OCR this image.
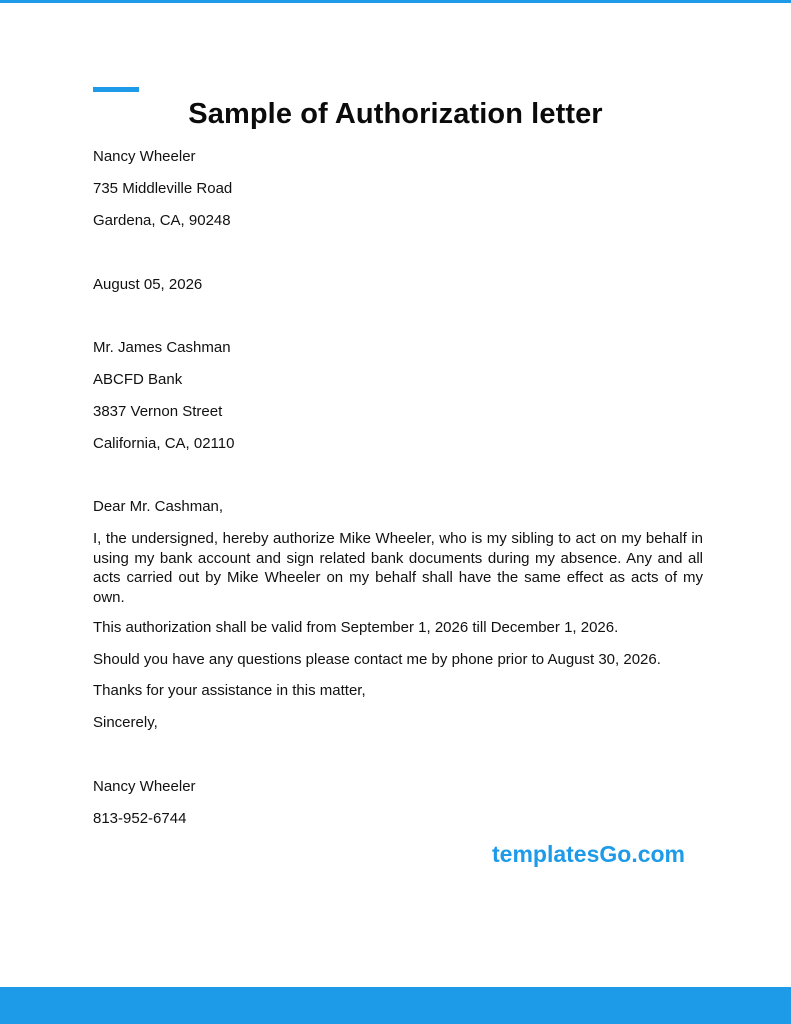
Sample of Authorization letter
Nancy Wheeler
735 Middleville Road
Gardena, CA, 90248
August 05, 2026
Mr. James Cashman
ABCFD Bank
3837 Vernon Street
California, CA, 02110
Dear Mr. Cashman,
I, the undersigned, hereby authorize Mike Wheeler, who is my sibling to act on my behalf in using my bank account and sign related bank documents during my absence. Any and all acts carried out by Mike Wheeler on my behalf shall have the same effect as acts of my own.
This authorization shall be valid from September 1, 2026 till December 1, 2026.
Should you have any questions please contact me by phone prior to August 30, 2026.
Thanks for your assistance in this matter,
Sincerely,
Nancy Wheeler
813-952-6744
templatesGo.com
